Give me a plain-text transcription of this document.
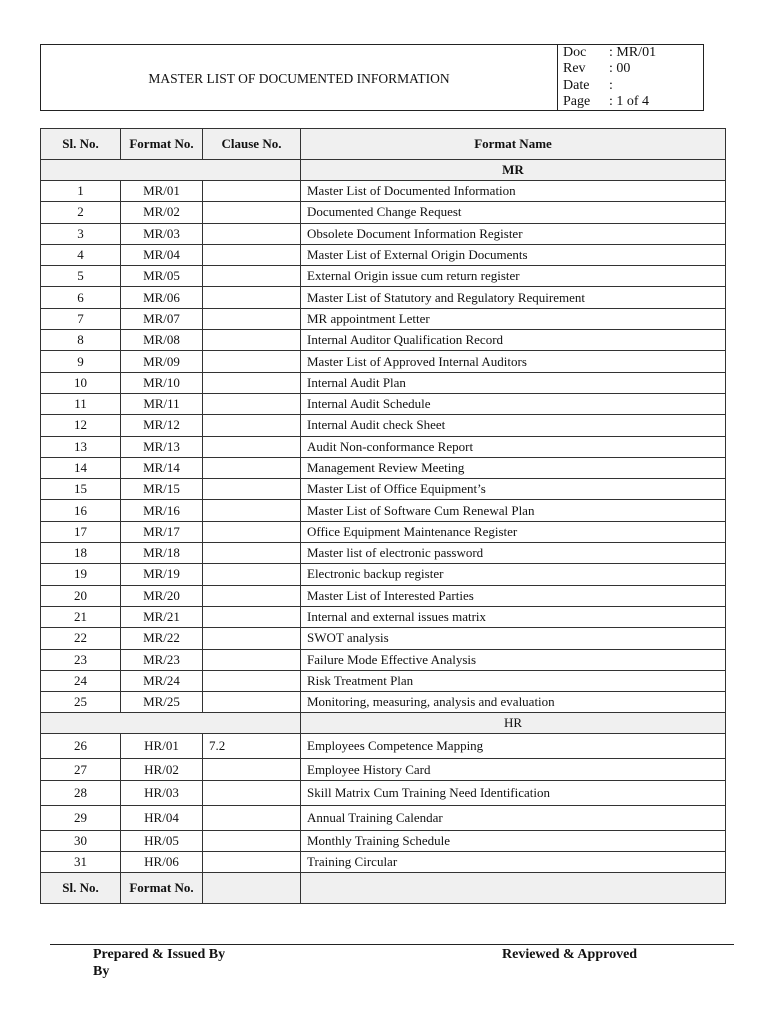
MASTER LIST OF DOCUMENTED INFORMATION
Doc	: MR/01
Rev	: 00
Date	:
Page	: 1 of 4
Sl. No.	Format No.	Clause No.	Format Name
			MR
1	MR/01		Master List of Documented Information
2	MR/02		Documented Change Request
3	MR/03		Obsolete Document Information Register
4	MR/04		Master List of External Origin Documents
5	MR/05		External Origin issue cum return register
6	MR/06		Master List of Statutory and Regulatory Requirement
7	MR/07		MR appointment Letter
8	MR/08		Internal Auditor Qualification Record
9	MR/09		Master List of Approved Internal Auditors
10	MR/10		Internal Audit Plan
11	MR/11		Internal Audit Schedule
12	MR/12		Internal Audit check Sheet
13	MR/13		Audit Non-conformance Report
14	MR/14		Management Review Meeting
15	MR/15		Master List of Office Equipment’s
16	MR/16		Master List of Software Cum Renewal Plan
17	MR/17		Office Equipment Maintenance Register
18	MR/18		Master list of electronic password
19	MR/19		Electronic backup register
20	MR/20		Master List of Interested Parties
21	MR/21		Internal and external issues matrix
22	MR/22		SWOT analysis
23	MR/23		Failure Mode Effective Analysis
24	MR/24		Risk Treatment Plan
25	MR/25		Monitoring, measuring, analysis and evaluation
			HR
26	HR/01	7.2	Employees Competence Mapping
27	HR/02		Employee History Card
28	HR/03		Skill Matrix Cum Training Need Identification
29	HR/04		Annual Training Calendar
30	HR/05		Monthly Training Schedule
31	HR/06		Training Circular
Sl. No.	Format No.		
Prepared & Issued By
By
Reviewed & Approved
